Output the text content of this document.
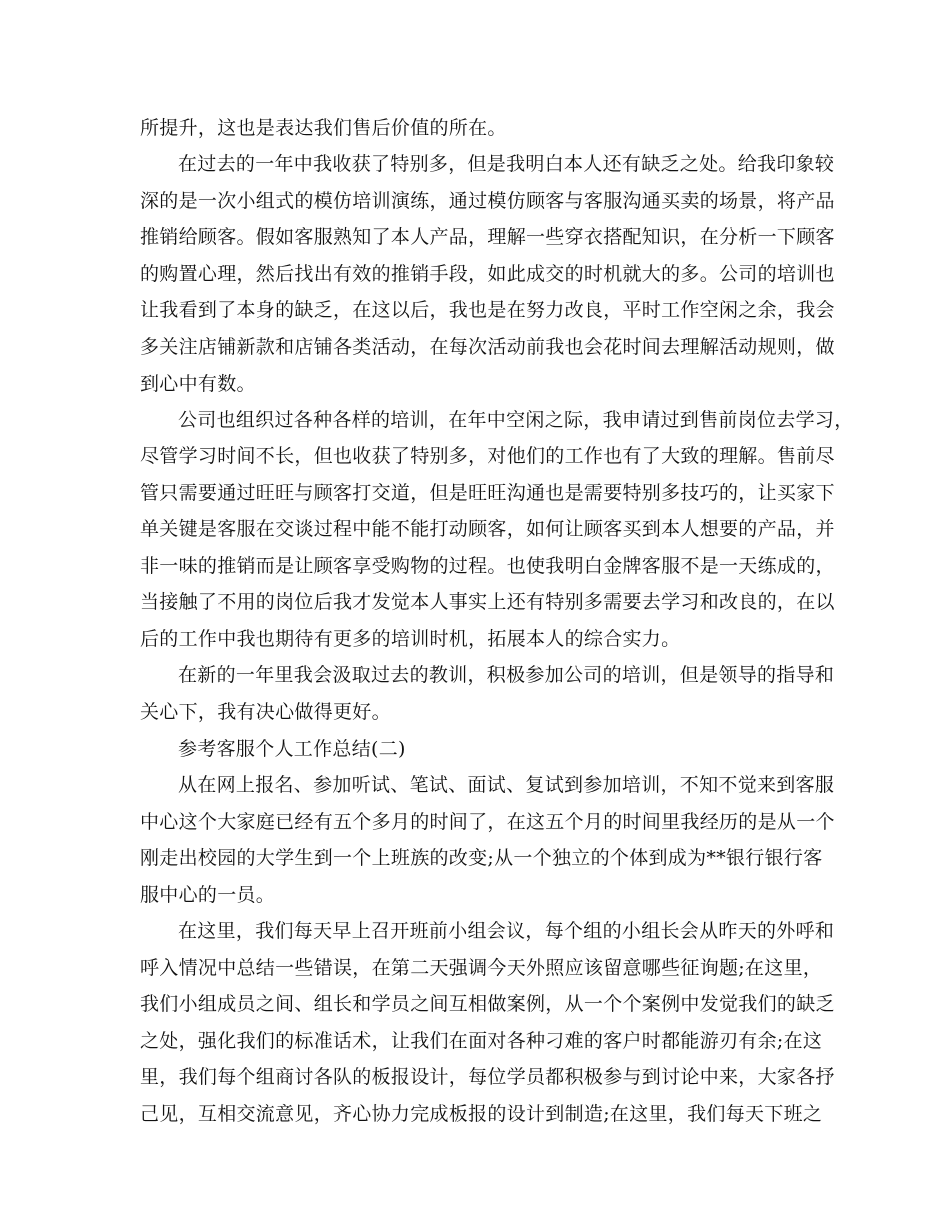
所提升，这也是表达我们售后价值的所在。
在过去的一年中我收获了特别多，但是我明白本人还有缺乏之处。给我印象较
深的是一次小组式的模仿培训演练，通过模仿顾客与客服沟通买卖的场景，将产品
推销给顾客。假如客服熟知了本人产品，理解一些穿衣搭配知识，在分析一下顾客
的购置心理，然后找出有效的推销手段，如此成交的时机就大的多。公司的培训也
让我看到了本身的缺乏，在这以后，我也是在努力改良，平时工作空闲之余，我会
多关注店铺新款和店铺各类活动，在每次活动前我也会花时间去理解活动规则，做
到心中有数。
公司也组织过各种各样的培训，在年中空闲之际，我申请过到售前岗位去学习，
尽管学习时间不长，但也收获了特别多，对他们的工作也有了大致的理解。售前尽
管只需要通过旺旺与顾客打交道，但是旺旺沟通也是需要特别多技巧的，让买家下
单关键是客服在交谈过程中能不能打动顾客，如何让顾客买到本人想要的产品，并
非一味的推销而是让顾客享受购物的过程。也使我明白金牌客服不是一天练成的，
当接触了不用的岗位后我才发觉本人事实上还有特别多需要去学习和改良的，在以
后的工作中我也期待有更多的培训时机，拓展本人的综合实力。
在新的一年里我会汲取过去的教训，积极参加公司的培训，但是领导的指导和
关心下，我有决心做得更好。
参考客服个人工作总结(二)
从在网上报名、参加听试、笔试、面试、复试到参加培训，不知不觉来到客服
中心这个大家庭已经有五个多月的时间了，在这五个月的时间里我经历的是从一个
刚走出校园的大学生到一个上班族的改变;从一个独立的个体到成为**银行银行客
服中心的一员。
在这里，我们每天早上召开班前小组会议，每个组的小组长会从昨天的外呼和
呼入情况中总结一些错误，在第二天强调今天外照应该留意哪些征询题;在这里，
我们小组成员之间、组长和学员之间互相做案例，从一个个案例中发觉我们的缺乏
之处，强化我们的标准话术，让我们在面对各种刁难的客户时都能游刃有余;在这
里，我们每个组商讨各队的板报设计，每位学员都积极参与到讨论中来，大家各抒
己见，互相交流意见，齐心协力完成板报的设计到制造;在这里，我们每天下班之
